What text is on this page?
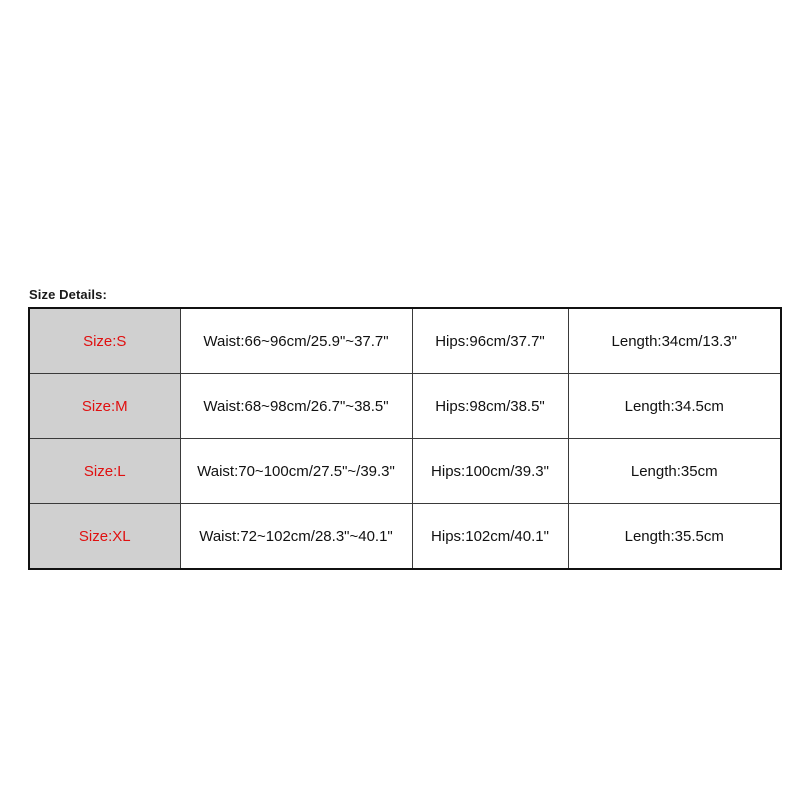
Size Details:
Size:S	Waist:66~96cm/25.9"~37.7"	Hips:96cm/37.7"	Length:34cm/13.3"
Size:M	Waist:68~98cm/26.7"~38.5"	Hips:98cm/38.5"	Length:34.5cm
Size:L	Waist:70~100cm/27.5"~/39.3"	Hips:100cm/39.3"	Length:35cm
Size:XL	Waist:72~102cm/28.3"~40.1"	Hips:102cm/40.1"	Length:35.5cm
